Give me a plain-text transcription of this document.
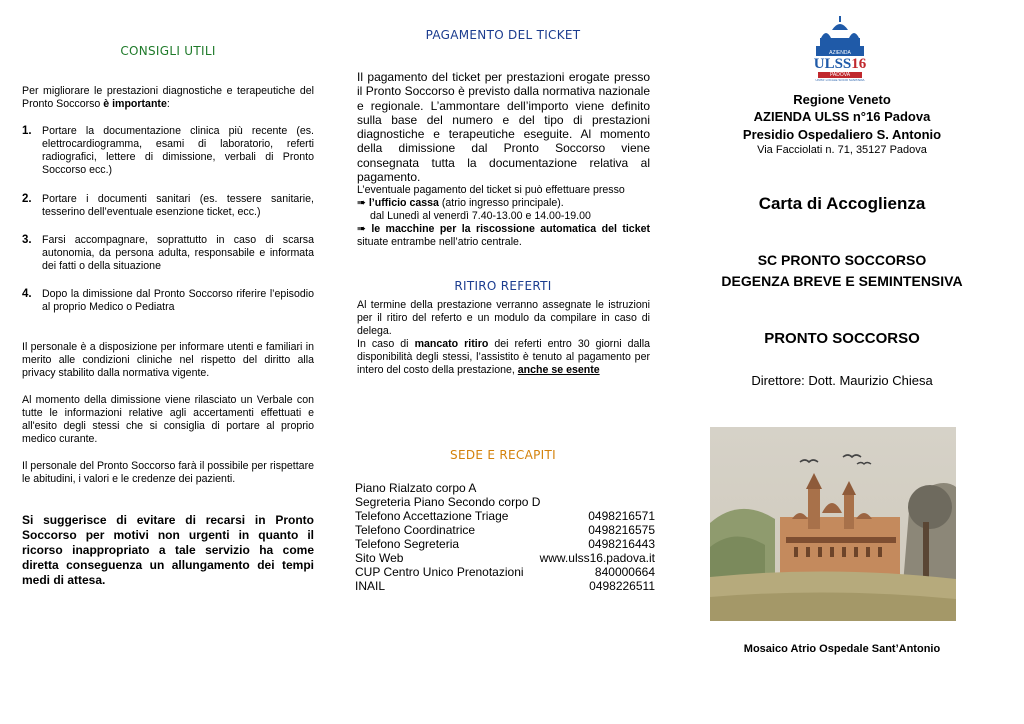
CONSIGLI UTILI
Per migliorare le prestazioni diagnostiche e terapeutiche del Pronto Soccorso è importante:
1. Portare la documentazione clinica più recente (es. elettrocardiogramma, esami di laboratorio, referti radiografici, lettere di dimissione, verbali di Pronto Soccorso ecc.)
2. Portare i documenti sanitari (es. tessere sanitarie, tesserino dell’eventuale esenzione ticket, ecc.)
3. Farsi accompagnare, soprattutto in caso di scarsa autonomia, da persona adulta, responsabile e informata dei fatti o della situazione
4. Dopo la dimissione dal Pronto Soccorso riferire l’episodio al proprio Medico o Pediatra
Il personale è a disposizione per informare utenti e familiari in merito alle condizioni cliniche nel rispetto del diritto alla privacy stabilito dalla normativa vigente.
Al momento della dimissione viene rilasciato un Verbale con tutte le informazioni relative agli accertamenti effettuati e all'esito degli stessi che si consiglia di portare al proprio medico curante.
Il personale del Pronto Soccorso farà il possibile per rispettare le abitudini, i valori e le credenze dei pazienti.
Si suggerisce di evitare di recarsi in Pronto Soccorso per motivi non urgenti in quanto il ricorso inappropriato a tale servizio ha come diretta conseguenza un allungamento dei tempi medi di attesa.
PAGAMENTO DEL TICKET
Il pagamento del ticket per prestazioni erogate presso il Pronto Soccorso è previsto dalla normativa nazionale e regionale. L’ammontare dell’importo viene definito sulla base del numero e del tipo di prestazioni diagnostiche e terapeutiche eseguite. Al momento della dimissione dal Pronto Soccorso viene consegnata tutta la documentazione relativa al pagamento.
L’eventuale pagamento del ticket si può effettuare presso
➠ l’ufficio cassa (atrio ingresso principale).
dal Lunedì al venerdì 7.40-13.00 e 14.00-19.00
➠ le macchine per la riscossione automatica del ticket situate entrambe nell’atrio centrale.
RITIRO REFERTI
Al termine della prestazione verranno assegnate le istruzioni per il ritiro del referto e un modulo da compilare in caso di delega.
In caso di mancato ritiro dei referti entro 30 giorni dalla disponibilità degli stessi, l’assistito è tenuto al pagamento per intero del costo della prestazione, anche se esente
SEDE E RECAPITI
Piano Rialzato corpo A
Segreteria Piano Secondo corpo D
Telefono Accettazione Triage	0498216571
Telefono Coordinatrice	0498216575
Telefono Segreteria	0498216443
Sito Web	www.ulss16.padova.it
CUP Centro Unico Prenotazioni	840000664
INAIL	0498226511
AZIENDA
ULSS16
PADOVA
UNITA' LOCALE SOCIO SANITARIA
Regione Veneto
AZIENDA ULSS n°16 Padova
Presidio Ospedaliero S. Antonio
Via Facciolati n. 71, 35127 Padova
Carta di Accoglienza
SC PRONTO SOCCORSO
DEGENZA BREVE E SEMINTENSIVA
PRONTO SOCCORSO
Direttore: Dott. Maurizio Chiesa
Mosaico Atrio Ospedale Sant’Antonio
